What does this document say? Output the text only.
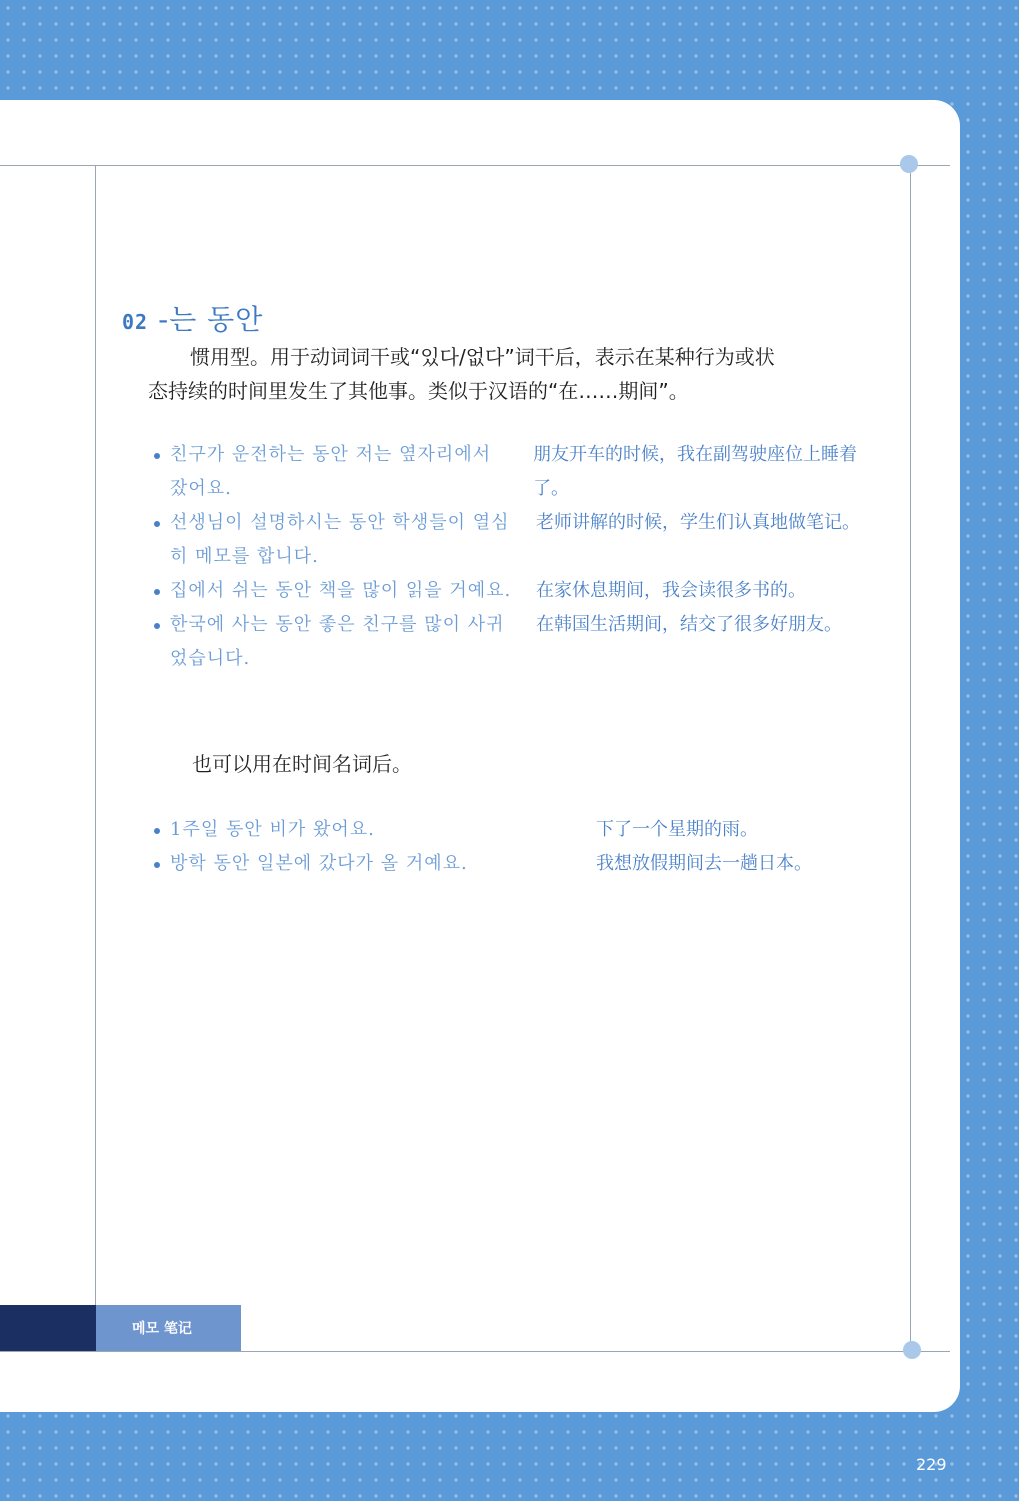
02 -는 동안
惯用型。用于动词词干或“있다/없다”词干后，表示在某种行为或状
态持续的时间里发生了其他事。类似于汉语的“在……期间”。
친구가 운전하는 동안 저는 옆자리에서 잤어요.
朋友开车的时候，我在副驾驶座位上睡着了。
선생님이 설명하시는 동안 학생들이 열심히 메모를 합니다.
老师讲解的时候，学生们认真地做笔记。
집에서 쉬는 동안 책을 많이 읽을 거예요. 在家休息期间，我会读很多书的。
한국에 사는 동안 좋은 친구를 많이 사귀었습니다.
在韩国生活期间，结交了很多好朋友。
也可以用在时间名词后。
1주일 동안 비가 왔어요.	下了一个星期的雨。
방학 동안 일본에 갔다가 올 거예요.	我想放假期间去一趟日本。
메모 笔记
229
